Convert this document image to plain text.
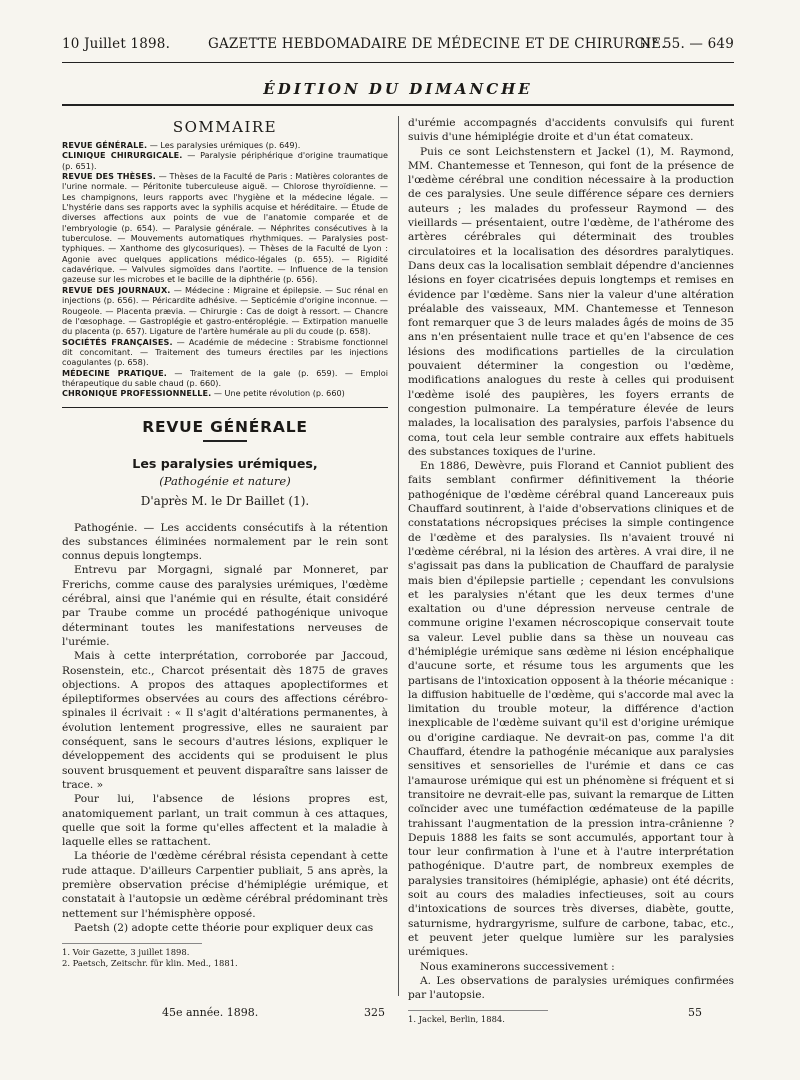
10 Juillet 1898.	GAZETTE HEBDOMADAIRE DE MÉDECINE ET DE CHIRURGIE.
N° 55. — 649
ÉDITION DU DIMANCHE
SOMMAIRE

REVUE GÉNÉRALE. — Les paralysies urémiques (p. 649).

CLINIQUE CHIRURGICALE. — Paralysie périphérique d'origine traumatique (p. 651).

REVUE DES THÈSES. — Thèses de la Faculté de Paris : Matières colorantes de l'urine normale. — Péritonite tuberculeuse aiguë. — Chlorose thyroïdienne. — Les champignons, leurs rapports avec l'hygiène et la médecine légale. — L'hystérie dans ses rapports avec la syphilis acquise et héréditaire. — Étude de diverses affections aux points de vue de l'anatomie comparée et de l'embryologie (p. 654). — Paralysie générale. — Néphrites consécutives à la tuberculose. — Mouvements automatiques rhythmiques. — Paralysies post-typhiques. — Xanthome des glycosuriques). — Thèses de la Faculté de Lyon : Agonie avec quelques applications médico-légales (p. 655). — Rigidité cadavérique. — Valvules sigmoïdes dans l'aortite. — Influence de la tension gazeuse sur les microbes et le bacille de la diphthérie (p. 656).

REVUE DES JOURNAUX. — Médecine : Migraine et épilepsie. — Suc rénal en injections (p. 656). — Péricardite adhésive. — Septicémie d'origine inconnue. — Rougeole. — Placenta prævia. — Chirurgie : Cas de doigt à ressort. — Chancre de l'œsophage. — Gastroplégie et gastro-entéroplégie. — Extirpation manuelle du placenta (p. 657). Ligature de l'artère humérale au pli du coude (p. 658).

SOCIÉTÉS FRANÇAISES. — Académie de médecine : Strabisme fonctionnel dit concomitant. — Traitement des tumeurs érectiles par les injections coagulantes (p. 658).

MÉDECINE PRATIQUE. — Traitement de la gale (p. 659). — Emploi thérapeutique du sable chaud (p. 660).

CHRONIQUE PROFESSIONNELLE. — Une petite révolution (p. 660)

REVUE GÉNÉRALE
Les paralysies urémiques,
(Pathogénie et nature)
D'après M. le Dr Baillet (1).

Pathogénie. — Les accidents consécutifs à la rétention des substances éliminées normalement par le rein sont connus depuis longtemps.

Entrevu par Morgagni, signalé par Monneret, par Frerichs, comme cause des paralysies urémiques, l'œdème cérébral, ainsi que l'anémie qui en résulte, était considéré par Traube comme un procédé pathogénique univoque déterminant toutes les manifestations nerveuses de l'urémie.

Mais à cette interprétation, corroborée par Jaccoud, Rosenstein, etc., Charcot présentait dès 1875 de graves objections. A propos des attaques apoplectiformes et épileptiformes observées au cours des affections cérébro-spinales il écrivait : « Il s'agit d'altérations permanentes, à évolution lentement progressive, elles ne sauraient par conséquent, sans le secours d'autres lésions, expliquer le développement des accidents qui se produisent le plus souvent brusquement et peuvent disparaître sans laisser de trace. »

Pour lui, l'absence de lésions propres est, anatomiquement parlant, un trait commun à ces attaques, quelle que soit la forme qu'elles affectent et la maladie à laquelle elles se rattachent.

La théorie de l'œdème cérébral résista cependant à cette rude attaque. D'ailleurs Carpentier publiait, 5 ans après, la première observation précise d'hémiplégie urémique, et constatait à l'autopsie un œdème cérébral prédominant très nettement sur l'hémisphère opposé.

Paetsh (2) adopte cette théorie pour expliquer deux cas

1. Voir Gazette, 3 juillet 1898.

2. Paetsch, Zeitschr. für klin. Med., 1881.

d'urémie accompagnés d'accidents convulsifs qui furent suivis d'une hémiplégie droite et d'un état comateux.

Puis ce sont Leichstenstern et Jackel (1), M. Raymond, MM. Chantemesse et Tenneson, qui font de la présence de l'œdème cérébral une condition nécessaire à la production de ces paralysies. Une seule différence sépare ces derniers auteurs ; les malades du professeur Raymond — des vieillards — présentaient, outre l'œdème, de l'athérome des artères cérébrales qui déterminait des troubles circulatoires et la localisation des désordres paralytiques. Dans deux cas la localisation semblait dépendre d'anciennes lésions en foyer cicatrisées depuis longtemps et remises en évidence par l'œdème. Sans nier la valeur d'une altération préalable des vaisseaux, MM. Chantemesse et Tenneson font remarquer que 3 de leurs malades âgés de moins de 35 ans n'en présentaient nulle trace et qu'en l'absence de ces lésions des modifications partielles de la circulation pouvaient déterminer la congestion ou l'œdème, modifications analogues du reste à celles qui produisent l'œdème isolé des paupières, les foyers errants de congestion pulmonaire. La température élevée de leurs malades, la localisation des paralysies, parfois l'absence du coma, tout cela leur semble contraire aux effets habituels des substances toxiques de l'urine.

En 1886, Dewèvre, puis Florand et Canniot publient des faits semblant confirmer définitivement la théorie pathogénique de l'œdème cérébral quand Lancereaux puis Chauffard soutinrent, à l'aide d'observations cliniques et de constatations nécropsiques précises la simple contingence de l'œdème et des paralysies. Ils n'avaient trouvé ni l'œdème cérébral, ni la lésion des artères. A vrai dire, il ne s'agissait pas dans la publication de Chauffard de paralysie mais bien d'épilepsie partielle ; cependant les convulsions et les paralysies n'étant que les deux termes d'une exaltation ou d'une dépression nerveuse centrale de commune origine l'examen nécroscopique conservait toute sa valeur. Level publie dans sa thèse un nouveau cas d'hémiplégie urémique sans œdème ni lésion encéphalique d'aucune sorte, et résume tous les arguments que les partisans de l'intoxication opposent à la théorie mécanique : la diffusion habituelle de l'œdème, qui s'accorde mal avec la limitation du trouble moteur, la différence d'action inexplicable de l'œdème suivant qu'il est d'origine urémique ou d'origine cardiaque. Ne devrait-on pas, comme l'a dit Chauffard, étendre la pathogénie mécanique aux paralysies sensitives et sensorielles de l'urémie et dans ce cas l'amaurose urémique qui est un phénomène si fréquent et si transitoire ne devrait-elle pas, suivant la remarque de Litten coïncider avec une tuméfaction œdémateuse de la papille trahissant l'augmentation de la pression intra-crânienne ? Depuis 1888 les faits se sont accumulés, apportant tour à tour leur confirmation à l'une et à l'autre interprétation pathogénique. D'autre part, de nombreux exemples de paralysies transitoires (hémiplégie, aphasie) ont été décrits, soit au cours des maladies infectieuses, soit au cours d'intoxications de sources très diverses, diabète, goutte, saturnisme, hydrargyrisme, sulfure de carbone, tabac, etc., et peuvent jeter quelque lumière sur les paralysies urémiques.

Nous examinerons successivement :

A. Les observations de paralysies urémiques confirmées par l'autopsie.

1. Jackel, Berlin, 1884.

45e année. 1898.	325	55
